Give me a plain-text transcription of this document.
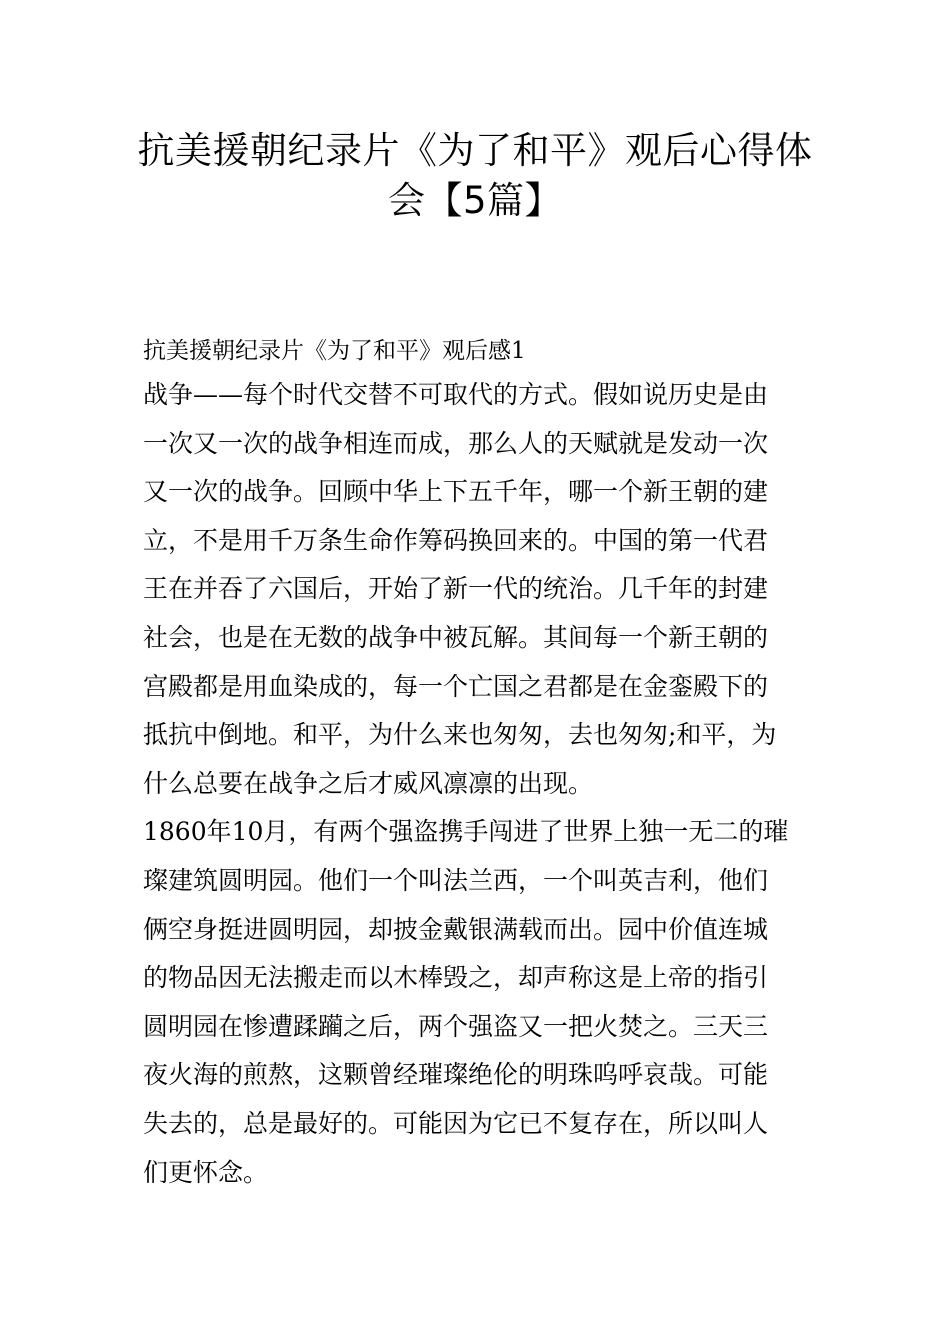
抗美援朝纪录片《为了和平》观后心得体
会【5篇】

抗美援朝纪录片《为了和平》观后感1

战争——每个时代交替不可取代的方式。假如说历史是由
一次又一次的战争相连而成，那么人的天赋就是发动一次
又一次的战争。回顾中华上下五千年，哪一个新王朝的建
立，不是用千万条生命作筹码换回来的。中国的第一代君
王在并吞了六国后，开始了新一代的统治。几千年的封建
社会，也是在无数的战争中被瓦解。其间每一个新王朝的
宫殿都是用血染成的，每一个亡国之君都是在金銮殿下的
抵抗中倒地。和平，为什么来也匆匆，去也匆匆;和平，为
什么总要在战争之后才威风凛凛的出现。

1860年10月，有两个强盗携手闯进了世界上独一无二的璀
璨建筑圆明园。他们一个叫法兰西，一个叫英吉利，他们
俩空身挺进圆明园，却披金戴银满载而出。园中价值连城
的物品因无法搬走而以木棒毁之，却声称这是上帝的指引
圆明园在惨遭蹂躏之后，两个强盗又一把火焚之。三天三
夜火海的煎熬，这颗曾经璀璨绝伦的明珠呜呼哀哉。可能
失去的，总是最好的。可能因为它已不复存在，所以叫人
们更怀念。
